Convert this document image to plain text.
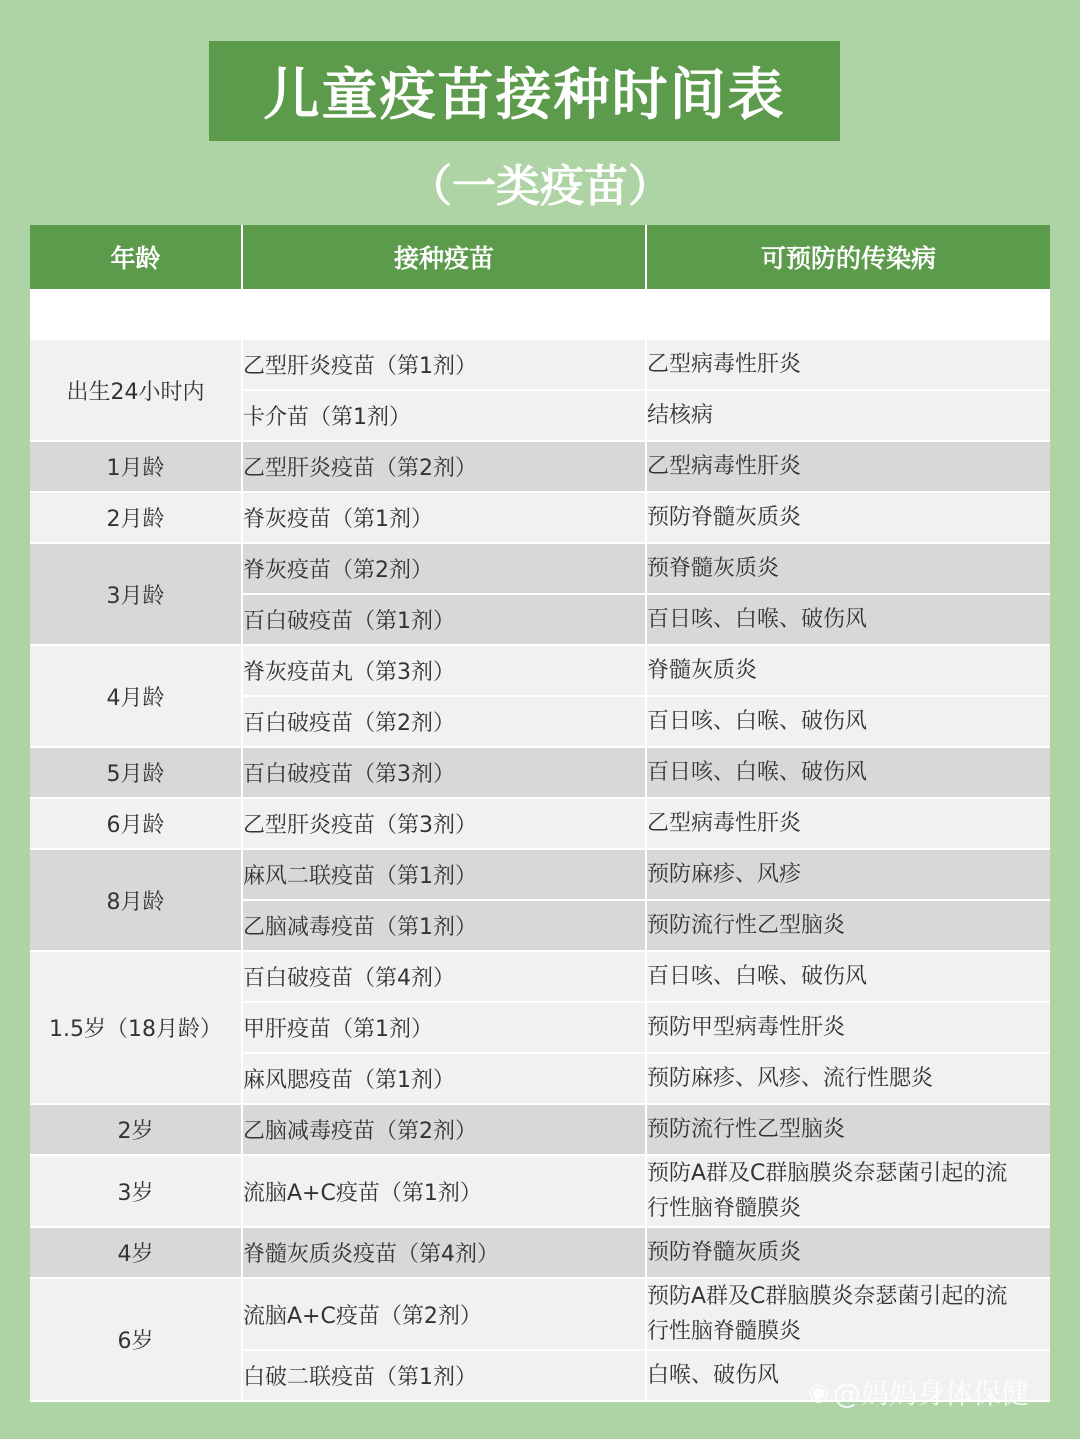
儿童疫苗接种时间表
（一类疫苗）
年龄	接种疫苗	可预防的传染病

出生24小时内	乙型肝炎疫苗（第1剂）	乙型病毒性肝炎
	卡介苗（第1剂）	结核病
1月龄	乙型肝炎疫苗（第2剂）	乙型病毒性肝炎
2月龄	脊灰疫苗（第1剂）	预防脊髓灰质炎
3月龄	脊灰疫苗（第2剂）	预脊髓灰质炎
	百白破疫苗（第1剂）	百日咳、白喉、破伤风
4月龄	脊灰疫苗丸（第3剂）	脊髓灰质炎
	百白破疫苗（第2剂）	百日咳、白喉、破伤风
5月龄	百白破疫苗（第3剂）	百日咳、白喉、破伤风
6月龄	乙型肝炎疫苗（第3剂）	乙型病毒性肝炎
8月龄	麻风二联疫苗（第1剂）	预防麻疹、风疹
	乙脑减毒疫苗（第1剂）	预防流行性乙型脑炎
1.5岁（18月龄）	百白破疫苗（第4剂）	百日咳、白喉、破伤风
	甲肝疫苗（第1剂）	预防甲型病毒性肝炎
	麻风腮疫苗（第1剂）	预防麻疹、风疹、流行性腮炎
2岁	乙脑减毒疫苗（第2剂）	预防流行性乙型脑炎
3岁	流脑A+C疫苗（第1剂）	预防A群及C群脑膜炎奈瑟菌引起的流行性脑脊髓膜炎
4岁	脊髓灰质炎疫苗（第4剂）	预防脊髓灰质炎
6岁	流脑A+C疫苗（第2剂）	预防A群及C群脑膜炎奈瑟菌引起的流行性脑脊髓膜炎
	白破二联疫苗（第1剂）	白喉、破伤风
◉ @妈妈身体保健
